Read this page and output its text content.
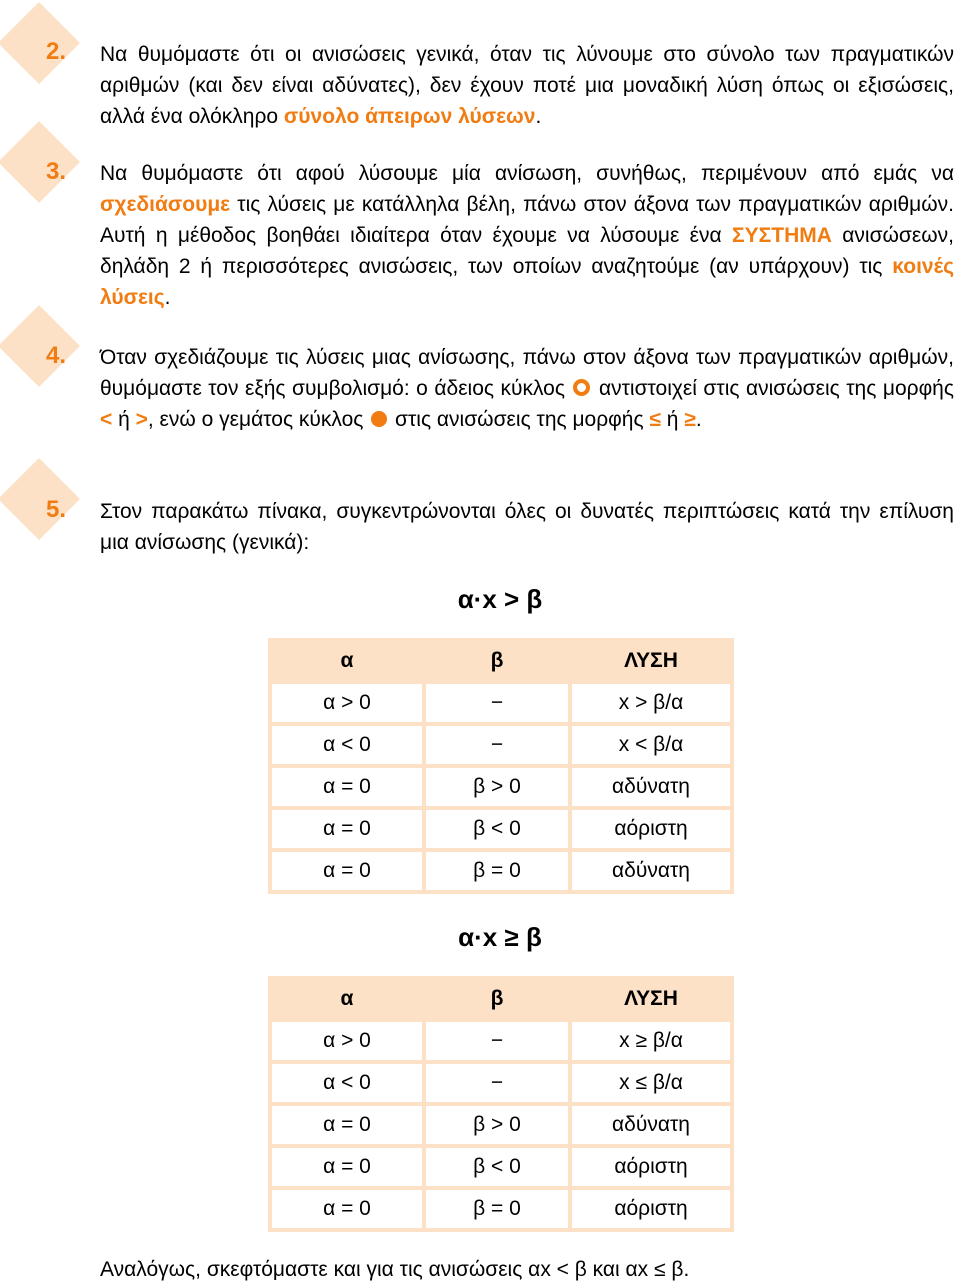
2. Να θυμόμαστε ότι οι ανισώσεις γενικά, όταν τις λύνουμε στο σύνολο των πραγματικών αριθμών (και δεν είναι αδύνατες), δεν έχουν ποτέ μια μοναδική λύση όπως οι εξισώσεις, αλλά ένα ολόκληρο σύνολο άπειρων λύσεων.
3. Να θυμόμαστε ότι αφού λύσουμε μία ανίσωση, συνήθως, περιμένουν από εμάς να σχεδιάσουμε τις λύσεις με κατάλληλα βέλη, πάνω στον άξονα των πραγματικών αριθμών. Αυτή η μέθοδος βοηθάει ιδιαίτερα όταν έχουμε να λύσουμε ένα ΣΥΣΤΗΜΑ ανισώσεων, δηλάδη 2 ή περισσότερες ανισώσεις, των οποίων αναζητούμε (αν υπάρχουν) τις κοινές λύσεις.
4. Όταν σχεδιάζουμε τις λύσεις μιας ανίσωσης, πάνω στον άξονα των πραγματικών αριθμών, θυμόμαστε τον εξής συμβολισμό: ο άδειος κύκλος  αντιστοιχεί στις ανισώσεις της μορφής < ή >, ενώ ο γεμάτος κύκλος  στις ανισώσεις της μορφής ≤ ή ≥.
5. Στον παρακάτω πίνακα, συγκεντρώνονται όλες οι δυνατές περιπτώσεις κατά την επίλυση μια ανίσωσης (γενικά):
α·x > β
α	β	ΛΥΣΗ
α > 0	−	x > β/α
α < 0	−	x < β/α
α = 0	β > 0	αδύνατη
α = 0	β < 0	αόριστη
α = 0	β = 0	αδύνατη
α·x ≥ β
α	β	ΛΥΣΗ
α > 0	−	x ≥ β/α
α < 0	−	x ≤ β/α
α = 0	β > 0	αδύνατη
α = 0	β < 0	αόριστη
α = 0	β = 0	αόριστη
Αναλόγως, σκεφτόμαστε και για τις ανισώσεις αx < β και αx ≤ β.
